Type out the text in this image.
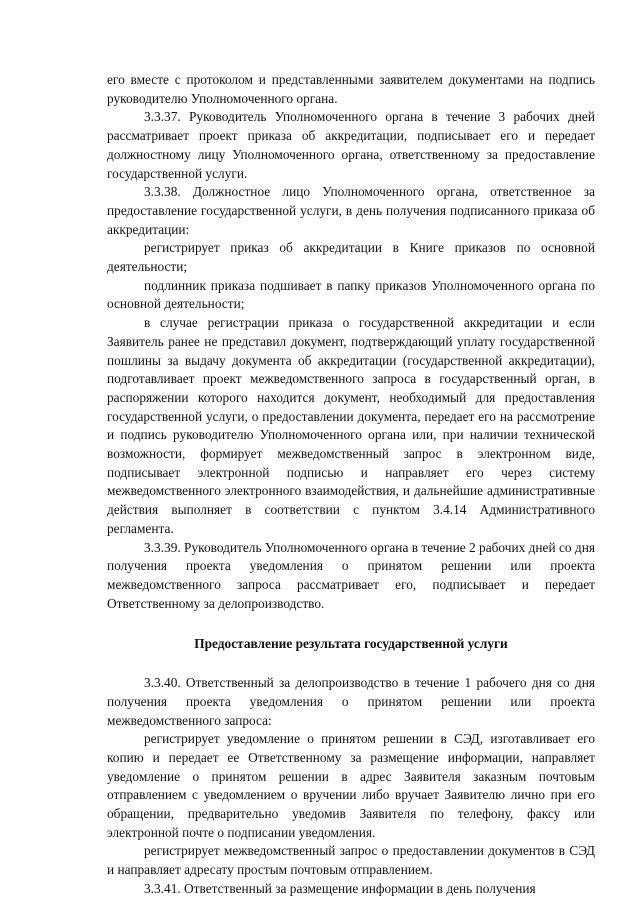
его вместе с протоколом и представленными заявителем документами на подпись руководителю Уполномоченного органа.

3.3.37. Руководитель Уполномоченного органа в течение 3 рабочих дней рассматривает проект приказа об аккредитации, подписывает его и передает должностному лицу Уполномоченного органа, ответственному за предоставление государственной услуги.

3.3.38. Должностное лицо Уполномоченного органа, ответственное за предоставление государственной услуги, в день получения подписанного приказа об аккредитации:

регистрирует приказ об аккредитации в Книге приказов по основной деятельности;

подлинник приказа подшивает в папку приказов Уполномоченного органа по основной деятельности;

в случае регистрации приказа о государственной аккредитации и если Заявитель ранее не представил документ, подтверждающий уплату государственной пошлины за выдачу документа об аккредитации (государственной аккредитации), подготавливает проект межведомственного запроса в государственный орган, в распоряжении которого находится документ, необходимый для предоставления государственной услуги, о предоставлении документа, передает его на рассмотрение и подпись руководителю Уполномоченного органа или, при наличии технической возможности, формирует межведомственный запрос в электронном виде, подписывает электронной подписью и направляет его через систему межведомственного электронного взаимодействия, и дальнейшие административные действия выполняет в соответствии с пунктом 3.4.14 Административного регламента.

3.3.39. Руководитель Уполномоченного органа в течение 2 рабочих дней со дня получения проекта уведомления о принятом решении или проекта межведомственного запроса рассматривает его, подписывает и передает Ответственному за делопроизводство.

Предоставление результата государственной услуги

3.3.40. Ответственный за делопроизводство в течение 1 рабочего дня со дня получения проекта уведомления о принятом решении или проекта межведомственного запроса:

регистрирует уведомление о принятом решении в СЭД, изготавливает его копию и передает ее Ответственному за размещение информации, направляет уведомление о принятом решении в адрес Заявителя заказным почтовым отправлением с уведомлением о вручении либо вручает Заявителю лично при его обращении, предварительно уведомив Заявителя по телефону, факсу или электронной почте о подписании уведомления.

регистрирует межведомственный запрос о предоставлении документов в СЭД и направляет адресату простым почтовым отправлением.

3.3.41. Ответственный за размещение информации в день получения
